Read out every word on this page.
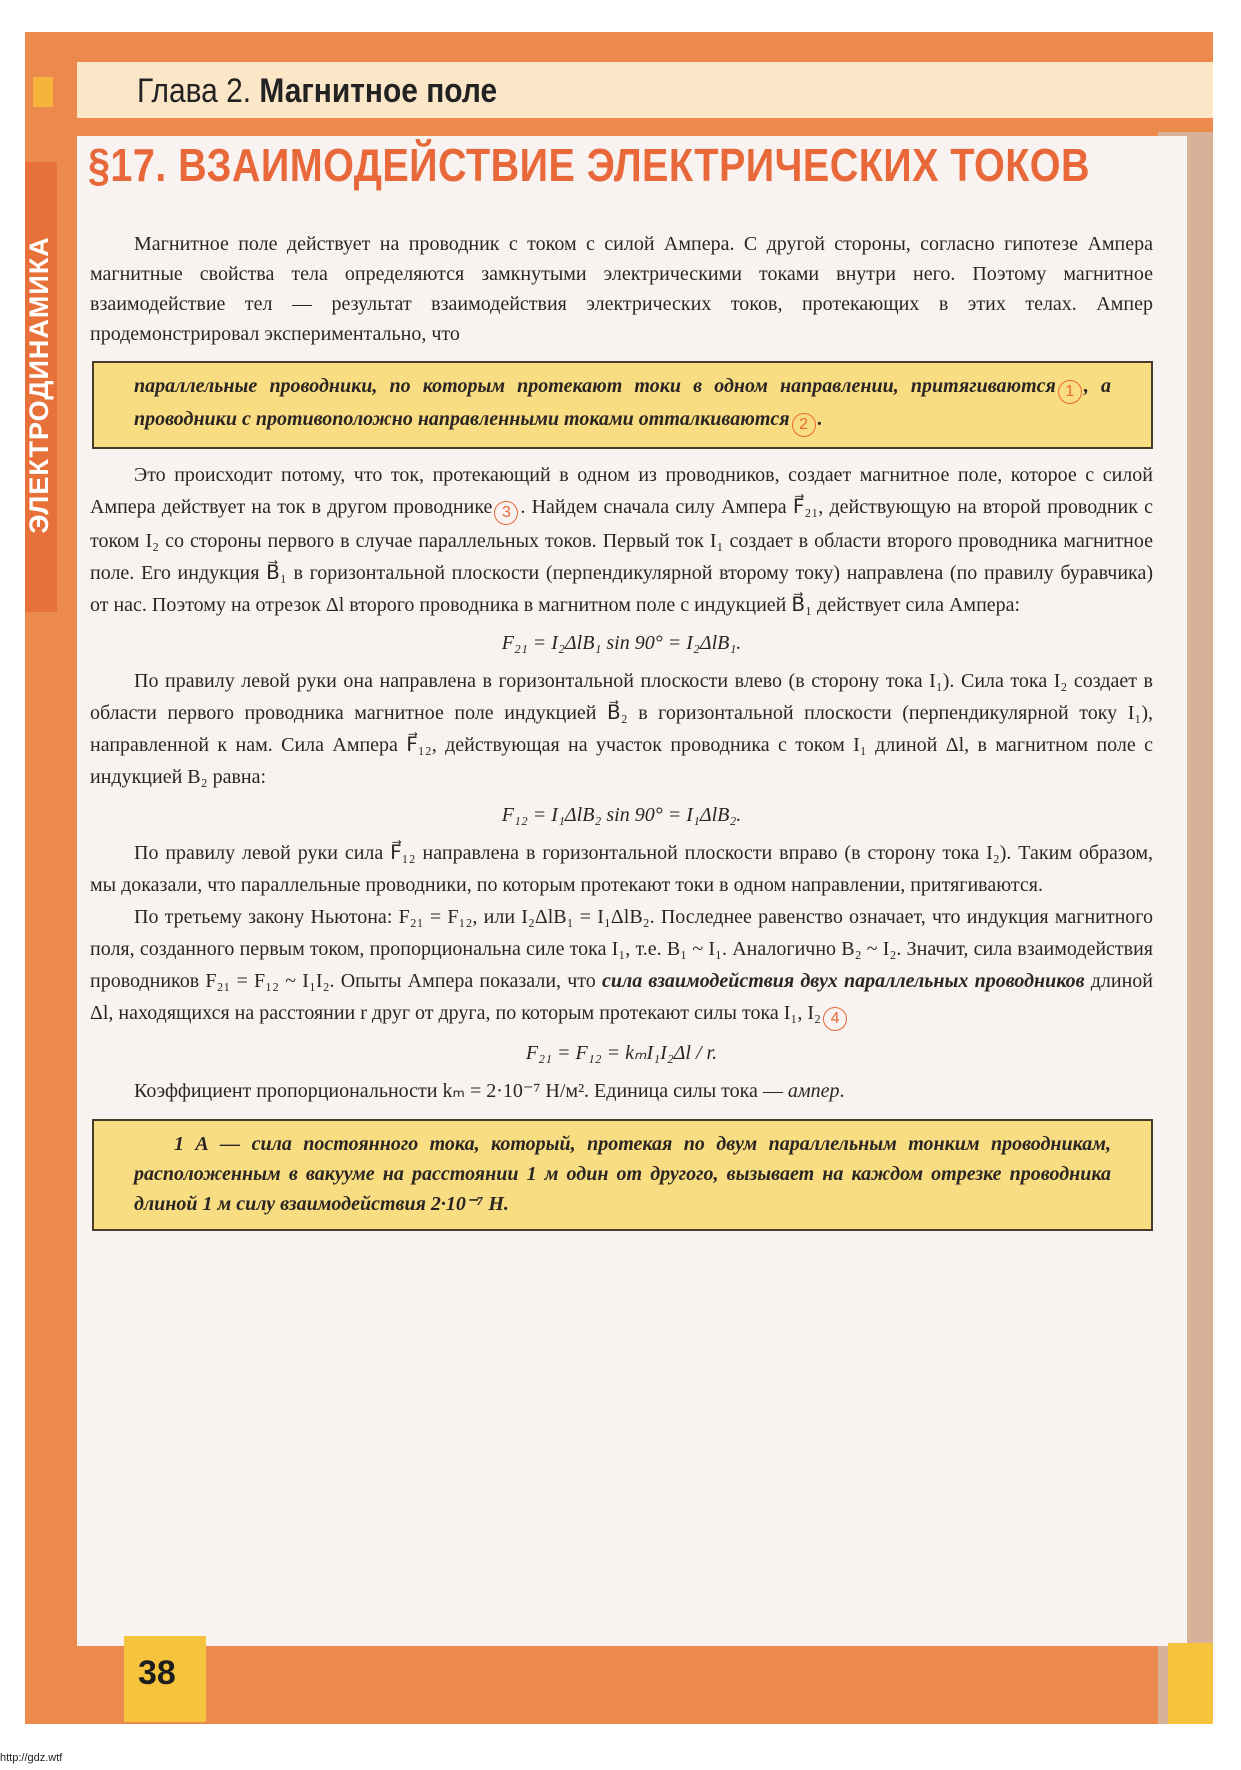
Глава 2. Магнитное поле
ЭЛЕКТРОДИНАМИКА
§17. ВЗАИМОДЕЙСТВИЕ ЭЛЕКТРИЧЕСКИХ ТОКОВ
Магнитное поле действует на проводник с током с силой Ампера. С другой стороны, согласно гипотезе Ампера магнитные свойства тела определяются замкнутыми электрическими токами внутри него. Поэтому магнитное взаимодействие тел — результат взаимодействия электрических токов, протекающих в этих телах. Ампер продемонстрировал экспериментально, что
параллельные проводники, по которым протекают токи в одном направлении, притягиваются 1 , а проводники с противоположно направленными токами отталкиваются 2 .
Это происходит потому, что ток, протекающий в одном из проводников, создает магнитное поле, которое с силой Ампера действует на ток в другом проводнике 3 . Найдем сначала силу Ампера F⃗₂₁, действующую на второй проводник с током I₂ со стороны первого в случае параллельных токов. Первый ток I₁ создает в области второго проводника магнитное поле. Его индукция B⃗₁ в горизонтальной плоскости (перпендикулярной второму току) направлена (по правилу буравчика) от нас. Поэтому на отрезок Δl второго проводника в магнитном поле с индукцией B⃗₁ действует сила Ампера:
F₂₁ = I₂ΔlB₁ sin 90° = I₂ΔlB₁.
По правилу левой руки она направлена в горизонтальной плоскости влево (в сторону тока I₁). Сила тока I₂ создает в области первого проводника магнитное поле индукцией B⃗₂ в горизонтальной плоскости (перпендикулярной току I₁), направленной к нам. Сила Ампера F⃗₁₂, действующая на участок проводника с током I₁ длиной Δl, в магнитном поле с индукцией B₂ равна:
F₁₂ = I₁ΔlB₂ sin 90° = I₁ΔlB₂.
По правилу левой руки сила F⃗₁₂ направлена в горизонтальной плоскости вправо (в сторону тока I₂). Таким образом, мы доказали, что параллельные проводники, по которым протекают токи в одном направлении, притягиваются.
По третьему закону Ньютона: F₂₁ = F₁₂, или I₂ΔlB₁ = I₁ΔlB₂. Последнее равенство означает, что индукция магнитного поля, созданного первым током, пропорциональна силе тока I₁, т.е. B₁ ~ I₁. Аналогично B₂ ~ I₂. Значит, сила взаимодействия проводников F₂₁ = F₁₂ ~ I₁I₂. Опыты Ампера показали, что сила взаимодействия двух параллельных проводников длиной Δl, находящихся на расстоянии r друг от друга, по которым протекают силы тока I₁, I₂ 4
F₂₁ = F₁₂ = kₘI₁I₂Δl / r.
Коэффициент пропорциональности kₘ = 2·10⁻⁷ Н/м². Единица силы тока — ампер.
1 А — сила постоянного тока, который, протекая по двум параллельным тонким проводникам, расположенным в вакууме на расстоянии 1 м один от другого, вызывает на каждом отрезке проводника длиной 1 м силу взаимодействия 2·10⁻⁷ Н.
38
http://gdz.wtf
